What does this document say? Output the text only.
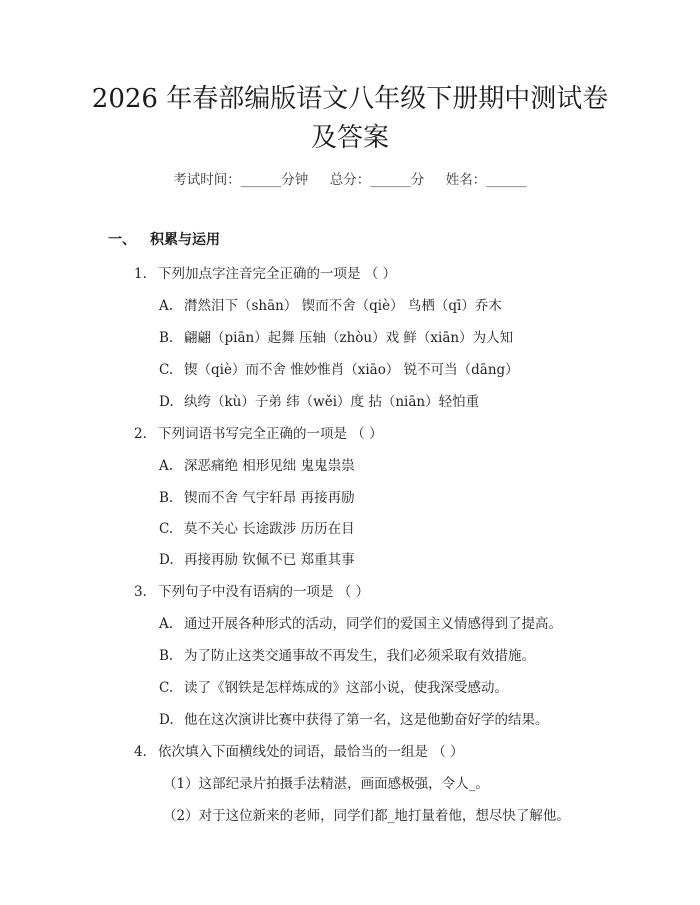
2026 年春部编版语文八年级下册期中测试卷
及答案
考试时间：______分钟     总分：______分     姓名：______
一、 积累与运用
1. 下列加点字注音完全正确的一项是 （ ）
A. 潸然泪下（shān） 锲而不舍（qiè） 鸟栖（qī）乔木
B. 翩翩（piān）起舞 压轴（zhòu）戏 鲜（xiān）为人知
C. 锲（qiè）而不舍 惟妙惟肖（xiāo） 锐不可当（dāng）
D. 纨绔（kù）子弟 纬（wěi）度 拈（niān）轻怕重
2. 下列词语书写完全正确的一项是 （ ）
A. 深恶痛绝 相形见绌 鬼鬼祟祟
B. 锲而不舍 气宇轩昂 再接再励
C. 莫不关心 长途跋涉 历历在目
D. 再接再励 钦佩不已 郑重其事
3. 下列句子中没有语病的一项是 （ ）
A. 通过开展各种形式的活动，同学们的爱国主义情感得到了提高。
B. 为了防止这类交通事故不再发生，我们必须采取有效措施。
C. 读了《钢铁是怎样炼成的》这部小说，使我深受感动。
D. 他在这次演讲比赛中获得了第一名，这是他勤奋好学的结果。
4. 依次填入下面横线处的词语，最恰当的一组是 （ ）
（1）这部纪录片拍摄手法精湛，画面感极强，令人_。
（2）对于这位新来的老师，同学们都_地打量着他，想尽快了解他。
